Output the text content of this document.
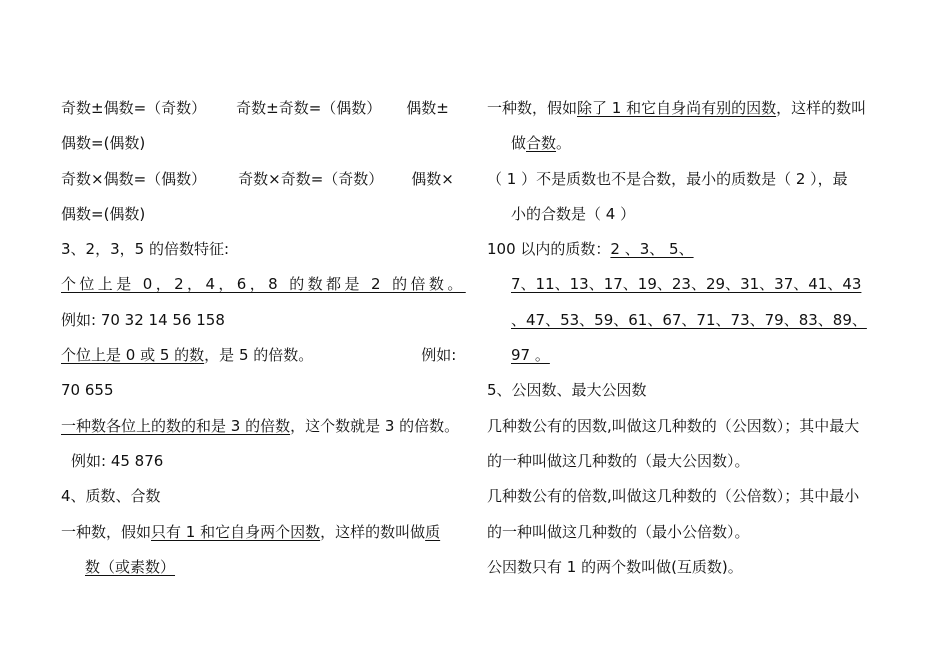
奇数±偶数=（奇数） 奇数±奇数=（偶数） 偶数±
偶数=(偶数)
奇数×偶数=（偶数） 奇数×奇数=（奇数） 偶数×
偶数=(偶数)
3、2，3，5 的倍数特征:
个位上是 0，2，4，6，8 的数都是 2 的倍数。
例如: 70 32 14 56 158
个位上是 0 或 5 的数，是 5 的倍数。	例如:
70 655
一种数各位上的数的和是 3 的倍数，这个数就是 3 的倍数。
例如: 45 876
4、质数、合数
一种数，假如只有 1 和它自身两个因数，这样的数叫做质
数（或素数）
一种数，假如除了 1 和它自身尚有别的因数，这样的数叫
做合数。
（ 1 ）不是质数也不是合数，最小的质数是（ 2 ），最
小的合数是（ 4 ）
100 以内的质数：2 、3、 5、
7、11、13、17、19、23、29、31、37、41、43
、47、53、59、61、67、71、73、79、83、89、
97 。
5、公因数、最大公因数
几种数公有的因数,叫做这几种数的（公因数）；其中最大
的一种叫做这几种数的（最大公因数）。
几种数公有的倍数,叫做这几种数的（公倍数）；其中最小
的一种叫做这几种数的（最小公倍数）。
公因数只有 1 的两个数叫做(互质数)。
